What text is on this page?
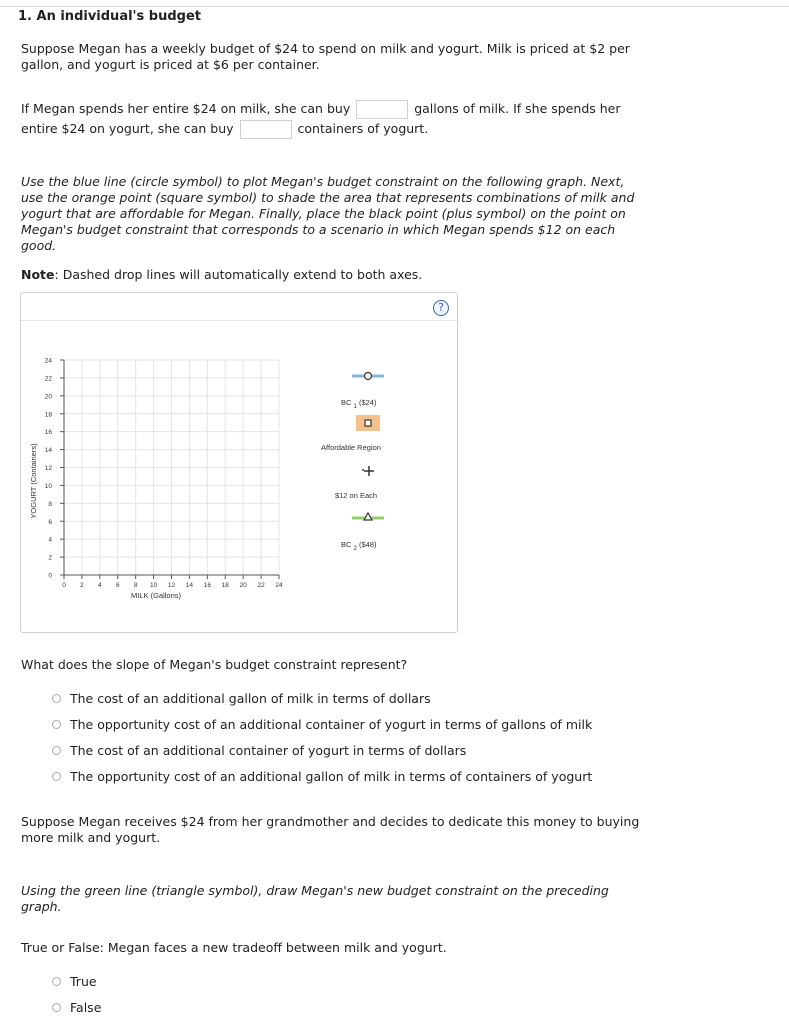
1. An individual's budget

Suppose Megan has a weekly budget of $24 to spend on milk and yogurt. Milk is priced at $2 per gallon, and yogurt is priced at $6 per container.

If Megan spends her entire $24 on milk, she can buy	gallons of milk. If she spends her entire $24 on yogurt, she can buy	containers of yogurt.

Use the blue line (circle symbol) to plot Megan's budget constraint on the following graph. Next, use the orange point (square symbol) to shade the area that represents combinations of milk and yogurt that are affordable for Megan. Finally, place the black point (plus symbol) on the point on Megan's budget constraint that corresponds to a scenario in which Megan spends $12 on each good.

Note: Dashed drop lines will automatically extend to both axes.

?
YOGURT (Containers)
MILK (Gallons)
0
0
2
2
4
4
6
6
8
8
10
10
12
12
14
14
16
16
18
18
20
20
22
22
24
24
BC $_1$ ($24)
Affordable Region
$12 on Each
BC $_2$ ($48)

What does the slope of Megan's budget constraint represent?

The cost of an additional gallon of milk in terms of dollars
The opportunity cost of an additional container of yogurt in terms of gallons of milk
The cost of an additional container of yogurt in terms of dollars
The opportunity cost of an additional gallon of milk in terms of containers of yogurt

Suppose Megan receives $24 from her grandmother and decides to dedicate this money to buying more milk and yogurt.

Using the green line (triangle symbol), draw Megan's new budget constraint on the preceding graph.

True or False: Megan faces a new tradeoff between milk and yogurt.

True
False
